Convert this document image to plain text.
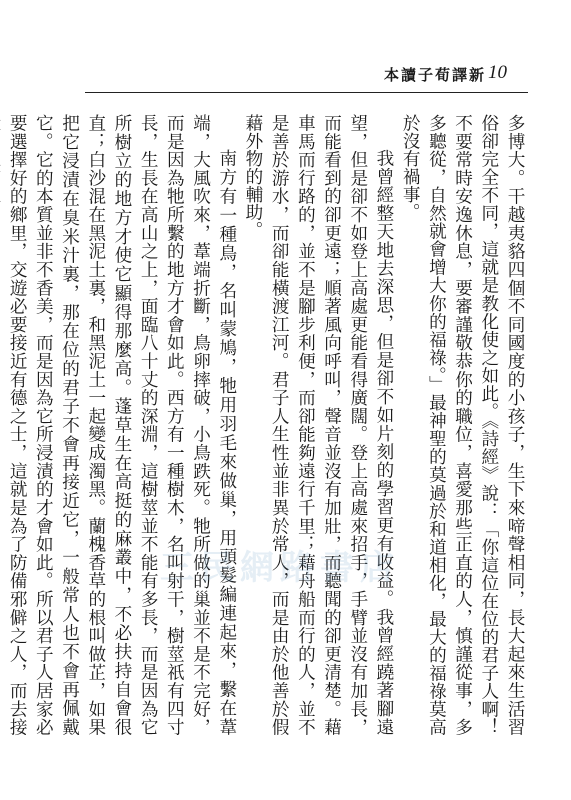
本讀子荀譯新 10

多博大。干越夷貉四個不同國度的小孩子，生下來啼聲相同，長大起來生活習俗卻完全不同，這就是教化使之如此。《詩經》說：「你這位在位的君子人啊！不要常時安逸休息，要審謹敬恭你的職位，喜愛那些正直的人，慎謹從事，多多聽從，自然就會增大你的福祿。」最神聖的莫過於和道相化，最大的福祿莫高於沒有禍事。

我曾經整天地去深思，但是卻不如片刻的學習更有收益。我曾經蹺著腳遠望，但是卻不如登上高處更能看得廣闊。登上高處來招手，手臂並沒有加長，而能看到的卻更遠；順著風向呼叫，聲音並沒有加壯，而聽聞的卻更清楚。藉車馬而行路的，並不是腳步利便，而卻能夠遠行千里；藉舟船而行的人，並不是善於游水，而卻能橫渡江河。君子人生性並非異於常人，而是由於他善於假藉外物的輔助。

南方有一種鳥，名叫蒙鳩，牠用羽毛來做巢，用頭髮編連起來，繫在葦端，大風吹來，葦端折斷，鳥卵摔破，小鳥跌死。牠所做的巢並不是不完好，而是因為牠所繫的地方才會如此。西方有一種樹木，名叫射干，樹莖祇有四寸長，生長在高山之上，面臨八十丈的深淵，這樹莖並不能有多長，而是因為它所樹立的地方才使它顯得那麼高。蓬草生在高挺的麻叢中，不必扶持自會很直；白沙混在黑泥土裏，和黑泥土一起變成濁黑。蘭槐香草的根叫做芷，如果把它浸漬在臭米汁裏，那在位的君子不會再接近它，一般常人也不會再佩戴它。它的本質並非不香美，而是因為它所浸漬的才會如此。所以君子人居家必要選擇好的鄉里，交遊必要接近有德之士，這就是為了防備邪僻之人，而去接

三民網路書店
